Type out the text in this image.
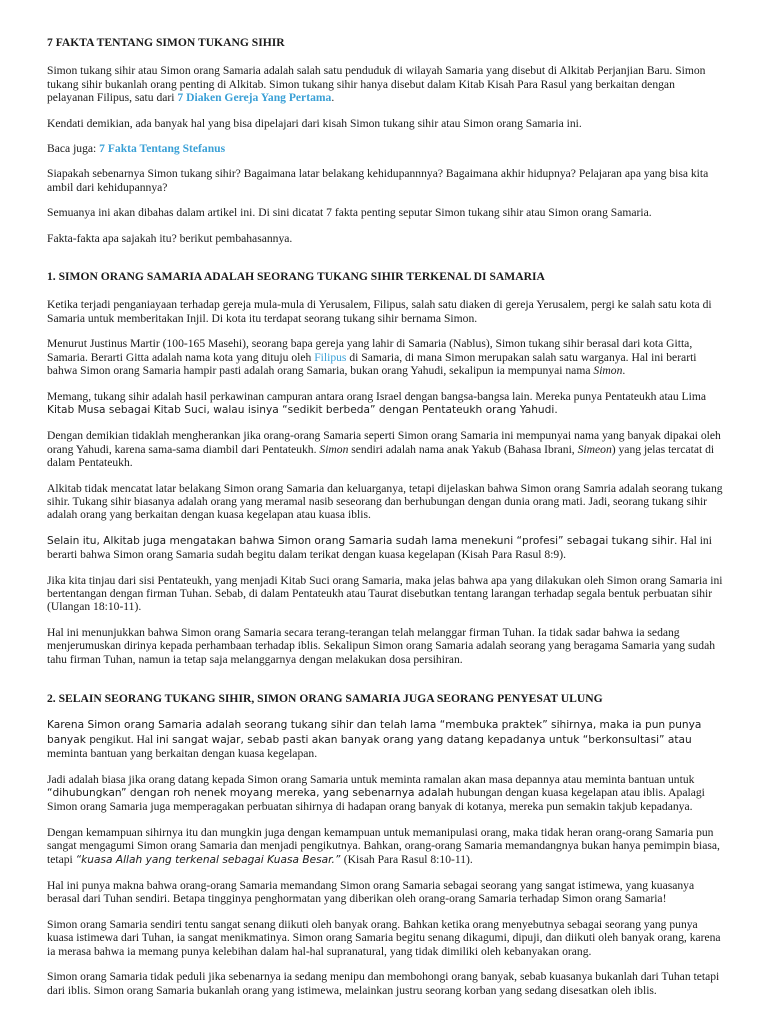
7 FAKTA TENTANG SIMON TUKANG SIHIR

Simon tukang sihir atau Simon orang Samaria adalah salah satu penduduk di wilayah Samaria yang disebut di Alkitab Perjanjian Baru. Simon tukang sihir bukanlah orang penting di Alkitab. Simon tukang sihir hanya disebut dalam Kitab Kisah Para Rasul yang berkaitan dengan pelayanan Filipus, satu dari 7 Diaken Gereja Yang Pertama.

Kendati demikian, ada banyak hal yang bisa dipelajari dari kisah Simon tukang sihir atau Simon orang Samaria ini.

Baca juga: 7 Fakta Tentang Stefanus

Siapakah sebenarnya Simon tukang sihir? Bagaimana latar belakang kehidupannnya? Bagaimana akhir hidupnya? Pelajaran apa yang bisa kita ambil dari kehidupannya?

Semuanya ini akan dibahas dalam artikel ini. Di sini dicatat 7 fakta penting seputar Simon tukang sihir atau Simon orang Samaria.

Fakta-fakta apa sajakah itu? berikut pembahasannya.

1. SIMON ORANG SAMARIA ADALAH SEORANG TUKANG SIHIR TERKENAL DI SAMARIA

Ketika terjadi penganiayaan terhadap gereja mula-mula di Yerusalem, Filipus, salah satu diaken di gereja Yerusalem, pergi ke salah satu kota di Samaria untuk memberitakan Injil. Di kota itu terdapat seorang tukang sihir bernama Simon.

Menurut Justinus Martir (100-165 Masehi), seorang bapa gereja yang lahir di Samaria (Nablus), Simon tukang sihir berasal dari kota Gitta, Samaria. Berarti Gitta adalah nama kota yang dituju oleh Filipus di Samaria, di mana Simon merupakan salah satu warganya. Hal ini berarti bahwa Simon orang Samaria hampir pasti adalah orang Samaria, bukan orang Yahudi, sekalipun ia mempunyai nama Simon.

Memang, tukang sihir adalah hasil perkawinan campuran antara orang Israel dengan bangsa-bangsa lain. Mereka punya Pentateukh atau Lima Kitab Musa sebagai Kitab Suci, walau isinya “sedikit berbeda” dengan Pentateukh orang Yahudi.

Dengan demikian tidaklah mengherankan jika orang-orang Samaria seperti Simon orang Samaria ini mempunyai nama yang banyak dipakai oleh orang Yahudi, karena sama-sama diambil dari Pentateukh. Simon sendiri adalah nama anak Yakub (Bahasa Ibrani, Simeon) yang jelas tercatat di dalam Pentateukh.

Alkitab tidak mencatat latar belakang Simon orang Samaria dan keluarganya, tetapi dijelaskan bahwa Simon orang Samria adalah seorang tukang sihir. Tukang sihir biasanya adalah orang yang meramal nasib seseorang dan berhubungan dengan dunia orang mati. Jadi, seorang tukang sihir adalah orang yang berkaitan dengan kuasa kegelapan atau kuasa iblis.

Selain itu, Alkitab juga mengatakan bahwa Simon orang Samaria sudah lama menekuni “profesi” sebagai tukang sihir. Hal ini berarti bahwa Simon orang Samaria sudah begitu dalam terikat dengan kuasa kegelapan (Kisah Para Rasul 8:9).

Jika kita tinjau dari sisi Pentateukh, yang menjadi Kitab Suci orang Samaria, maka jelas bahwa apa yang dilakukan oleh Simon orang Samaria ini bertentangan dengan firman Tuhan. Sebab, di dalam Pentateukh atau Taurat disebutkan tentang larangan terhadap segala bentuk perbuatan sihir (Ulangan 18:10-11).

Hal ini menunjukkan bahwa Simon orang Samaria secara terang-terangan telah melanggar firman Tuhan. Ia tidak sadar bahwa ia sedang menjerumuskan dirinya kepada perhambaan terhadap iblis. Sekalipun Simon orang Samaria adalah seorang yang beragama Samaria yang sudah tahu firman Tuhan, namun ia tetap saja melanggarnya dengan melakukan dosa persihiran.

2. SELAIN SEORANG TUKANG SIHIR, SIMON ORANG SAMARIA JUGA SEORANG PENYESAT ULUNG

Karena Simon orang Samaria adalah seorang tukang sihir dan telah lama “membuka praktek” sihirnya, maka ia pun punya banyak pengikut. Hal ini sangat wajar, sebab pasti akan banyak orang yang datang kepadanya untuk “berkonsultasi” atau meminta bantuan yang berkaitan dengan kuasa kegelapan.

Jadi adalah biasa jika orang datang kepada Simon orang Samaria untuk meminta ramalan akan masa depannya atau meminta bantuan untuk “dihubungkan” dengan roh nenek moyang mereka, yang sebenarnya adalah hubungan dengan kuasa kegelapan atau iblis. Apalagi Simon orang Samaria juga memperagakan perbuatan sihirnya di hadapan orang banyak di kotanya, mereka pun semakin takjub kepadanya.

Dengan kemampuan sihirnya itu dan mungkin juga dengan kemampuan untuk memanipulasi orang, maka tidak heran orang-orang Samaria pun sangat mengagumi Simon orang Samaria dan menjadi pengikutnya. Bahkan, orang-orang Samaria memandangnya bukan hanya pemimpin biasa, tetapi “kuasa Allah yang terkenal sebagai Kuasa Besar.” (Kisah Para Rasul 8:10-11).

Hal ini punya makna bahwa orang-orang Samaria memandang Simon orang Samaria sebagai seorang yang sangat istimewa, yang kuasanya berasal dari Tuhan sendiri. Betapa tingginya penghormatan yang diberikan oleh orang-orang Samaria terhadap Simon orang Samaria!

Simon orang Samaria sendiri tentu sangat senang diikuti oleh banyak orang. Bahkan ketika orang menyebutnya sebagai seorang yang punya kuasa istimewa dari Tuhan, ia sangat menikmatinya. Simon orang Samaria begitu senang dikagumi, dipuji, dan diikuti oleh banyak orang, karena ia merasa bahwa ia memang punya kelebihan dalam hal-hal supranatural, yang tidak dimiliki oleh kebanyakan orang.

Simon orang Samaria tidak peduli jika sebenarnya ia sedang menipu dan membohongi orang banyak, sebab kuasanya bukanlah dari Tuhan tetapi dari iblis. Simon orang Samaria bukanlah orang yang istimewa, melainkan justru seorang korban yang sedang disesatkan oleh iblis.
